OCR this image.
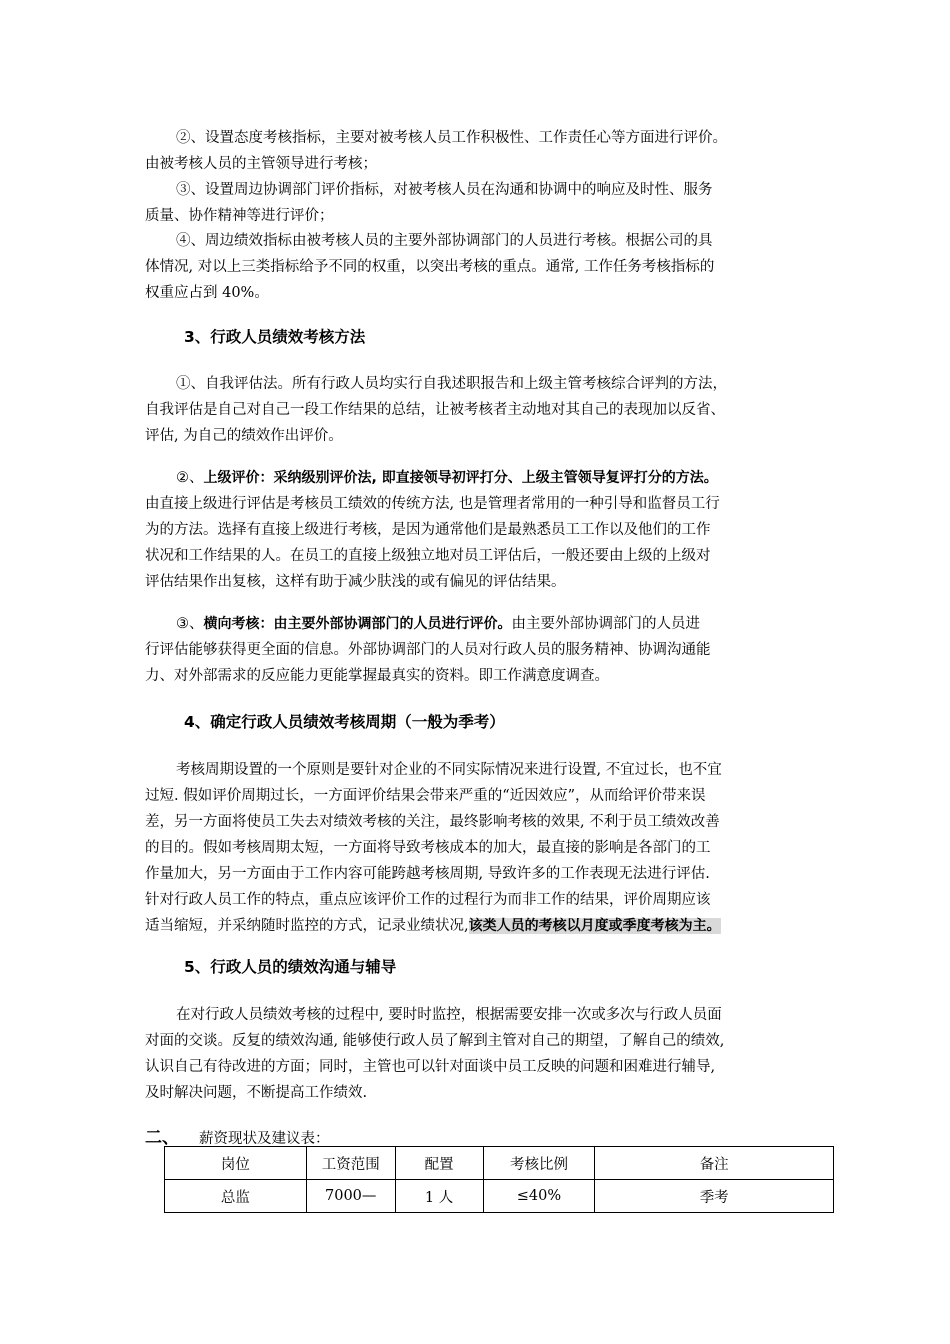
②、设置态度考核指标，主要对被考核人员工作积极性、工作责任心等方面进行评价。
由被考核人员的主管领导进行考核；

③、设置周边协调部门评价指标，对被考核人员在沟通和协调中的响应及时性、服务
质量、协作精神等进行评价；

④、周边绩效指标由被考核人员的主要外部协调部门的人员进行考核。根据公司的具
体情况, 对以上三类指标给予不同的权重，以突出考核的重点。通常, 工作任务考核指标的
权重应占到 40%。

3、行政人员绩效考核方法

①、自我评估法。所有行政人员均实行自我述职报告和上级主管考核综合评判的方法，
自我评估是自己对自己一段工作结果的总结，让被考核者主动地对其自己的表现加以反省、
评估, 为自己的绩效作出评价。

②、上级评价：采纳级别评价法, 即直接领导初评打分、上级主管领导复评打分的方法。
由直接上级进行评估是考核员工绩效的传统方法, 也是管理者常用的一种引导和监督员工行
为的方法。选择有直接上级进行考核，是因为通常他们是最熟悉员工工作以及他们的工作
状况和工作结果的人。在员工的直接上级独立地对员工评估后，一般还要由上级的上级对
评估结果作出复核，这样有助于减少肤浅的或有偏见的评估结果。

③、横向考核：由主要外部协调部门的人员进行评价。由主要外部协调部门的人员进
行评估能够获得更全面的信息。外部协调部门的人员对行政人员的服务精神、协调沟通能
力、对外部需求的反应能力更能掌握最真实的资料。即工作满意度调查。

4、确定行政人员绩效考核周期（一般为季考）

考核周期设置的一个原则是要针对企业的不同实际情况来进行设置, 不宜过长，也不宜
过短. 假如评价周期过长，一方面评价结果会带来严重的“近因效应”，从而给评价带来误
差，另一方面将使员工失去对绩效考核的关注，最终影响考核的效果, 不利于员工绩效改善
的目的。假如考核周期太短，一方面将导致考核成本的加大，最直接的影响是各部门的工
作量加大，另一方面由于工作内容可能跨越考核周期, 导致许多的工作表现无法进行评估.
针对行政人员工作的特点，重点应该评价工作的过程行为而非工作的结果，评价周期应该
适当缩短，并采纳随时监控的方式，记录业绩状况,该类人员的考核以月度或季度考核为主。

5、行政人员的绩效沟通与辅导

在对行政人员绩效考核的过程中, 要时时监控，根据需要安排一次或多次与行政人员面
对面的交谈。反复的绩效沟通, 能够使行政人员了解到主管对自己的期望，了解自己的绩效,
认识自己有待改进的方面；同时，主管也可以针对面谈中员工反映的问题和困难进行辅导,
及时解决问题，不断提高工作绩效.

二、 薪资现状及建议表：
岗位	工资范围	配置	考核比例	备注
总监	7000—	1 人	≤40%	季考
